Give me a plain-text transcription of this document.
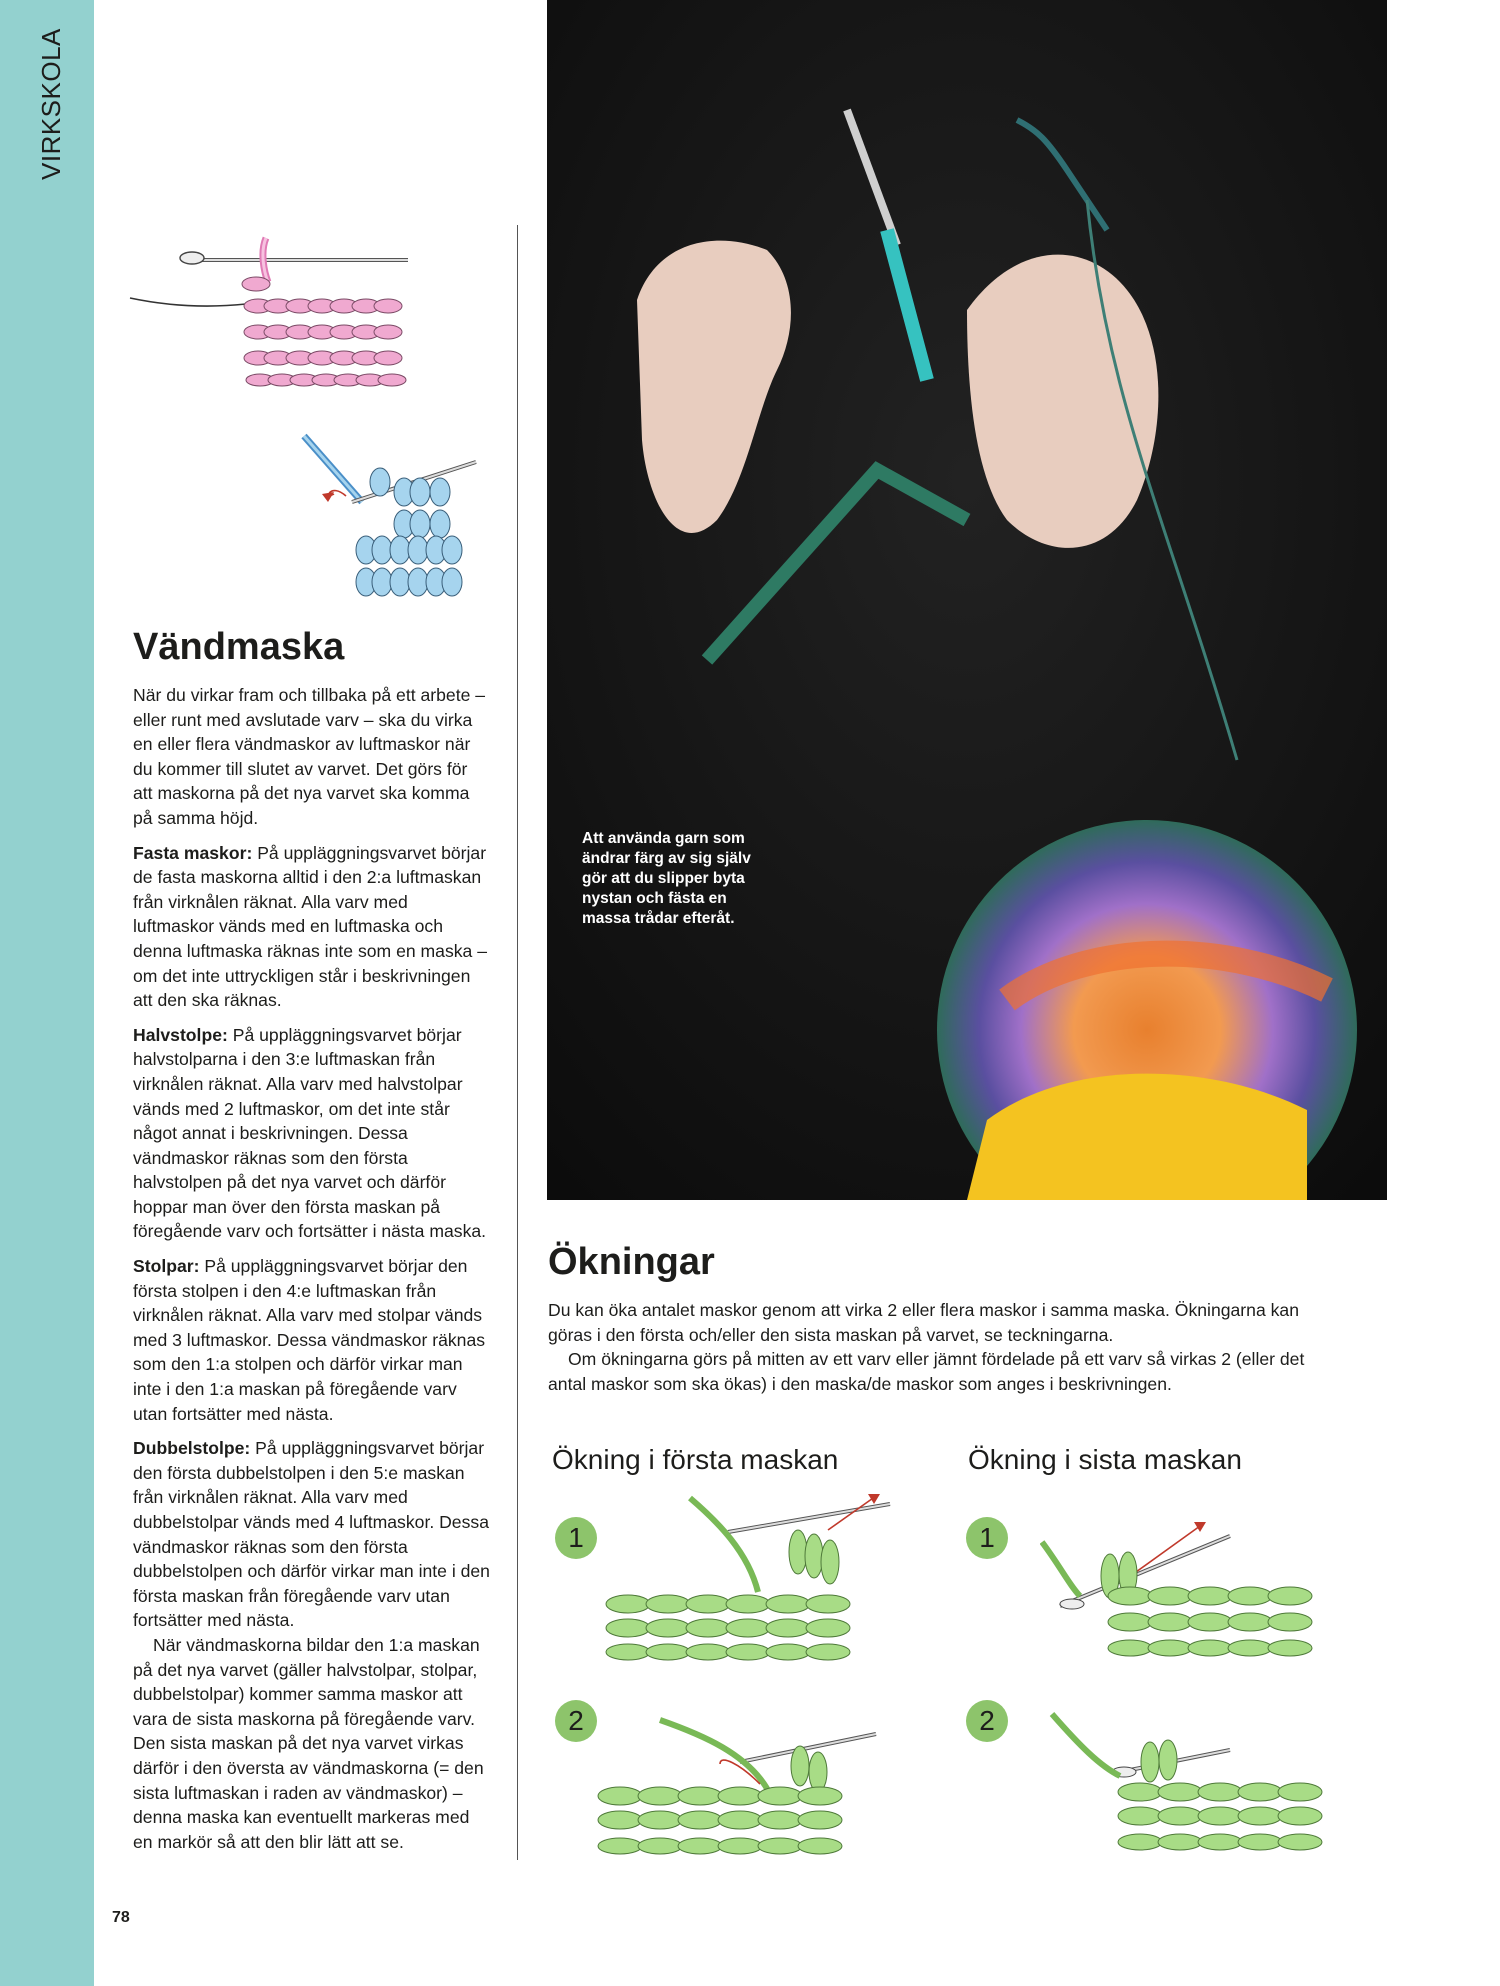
VIRKSKOLA
Vändmaska

När du virkar fram och tillbaka på ett arbete – eller runt med avslutade varv – ska du virka en eller flera vändmaskor av luftmaskor när du kommer till slutet av varvet. Det görs för att maskorna på det nya varvet ska komma på samma höjd.

Fasta maskor: På uppläggningsvarvet börjar de fasta maskorna alltid i den 2:a luftmaskan från virknålen räknat. Alla varv med luftmaskor vänds med en luftmaska och denna luftmaska räknas inte som en maska – om det inte uttryckligen står i beskrivningen att den ska räknas.

Halvstolpe: På uppläggningsvarvet börjar halvstolparna i den 3:e luftmaskan från virknålen räknat. Alla varv med halvstolpar vänds med 2 luftmaskor, om det inte står något annat i beskrivningen. Dessa vändmaskor räknas som den första halvstolpen på det nya varvet och därför hoppar man över den första maskan på föregående varv och fortsätter i nästa maska.

Stolpar: På uppläggningsvarvet börjar den första stolpen i den 4:e luftmaskan från virknålen räknat. Alla varv med stolpar vänds med 3 luftmaskor. Dessa vändmaskor räknas som den 1:a stolpen och därför virkar man inte i den 1:a maskan på föregående varv utan fortsätter med nästa.

Dubbelstolpe: På uppläggningsvarvet börjar den första dubbelstolpen i den 5:e maskan från virknålen räknat. Alla varv med dubbelstolpar vänds med 4 luftmaskor. Dessa vändmaskor räknas som den första dubbelstolpen och därför virkar man inte i den första maskan från föregående varv utan fortsätter med nästa.

När vändmaskorna bildar den 1:a maskan på det nya varvet (gäller halvstolpar, stolpar, dubbelstolpar) kommer samma maskor att vara de sista maskorna på föregående varv. Den sista maskan på det nya varvet virkas därför i den översta av vändmaskorna (= den sista luftmaskan i raden av vändmaskor) – denna maska kan eventuellt markeras med en markör så att den blir lätt att se.

Att använda garn som ändrar färg av sig själv gör att du slipper byta nystan och fästa en massa trådar efteråt.
Ökningar

Du kan öka antalet maskor genom att virka 2 eller flera maskor i samma maska. Ökningarna kan göras i den första och/eller den sista maskan på varvet, se teckningarna.

Om ökningarna görs på mitten av ett varv eller jämnt fördelade på ett varv så virkas 2 (eller det antal maskor som ska ökas) i den maska/de maskor som anges i beskrivningen.

Ökning i första maskan	Ökning i sista maskan
1
2
1
2
78
